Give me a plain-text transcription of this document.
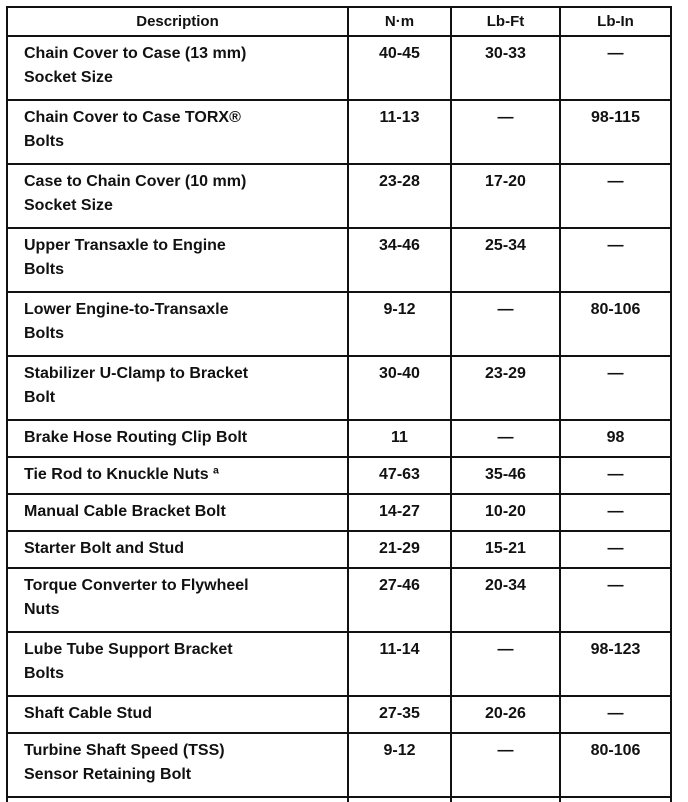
Description	N·m	Lb-Ft	Lb-In

Chain Cover to Case (13 mm)
Socket Size	40-45	30-33	—

Chain Cover to Case TORX®
Bolts	11-13	—	98-115

Case to Chain Cover (10 mm)
Socket Size	23-28	17-20	—

Upper Transaxle to Engine
Bolts	34-46	25-34	—

Lower Engine-to-Transaxle
Bolts	9-12	—	80-106

Stabilizer U-Clamp to Bracket
Bolt	30-40	23-29	—

Brake Hose Routing Clip Bolt	11	—	98

Tie Rod to Knuckle Nuts ª	47-63	35-46	—

Manual Cable Bracket Bolt	14-27	10-20	—

Starter Bolt and Stud	21-29	15-21	—

Torque Converter to Flywheel
Nuts	27-46	20-34	—

Lube Tube Support Bracket
Bolts	11-14	—	98-123

Shaft Cable Stud	27-35	20-26	—

Turbine Shaft Speed (TSS)
Sensor Retaining Bolt	9-12	—	80-106
